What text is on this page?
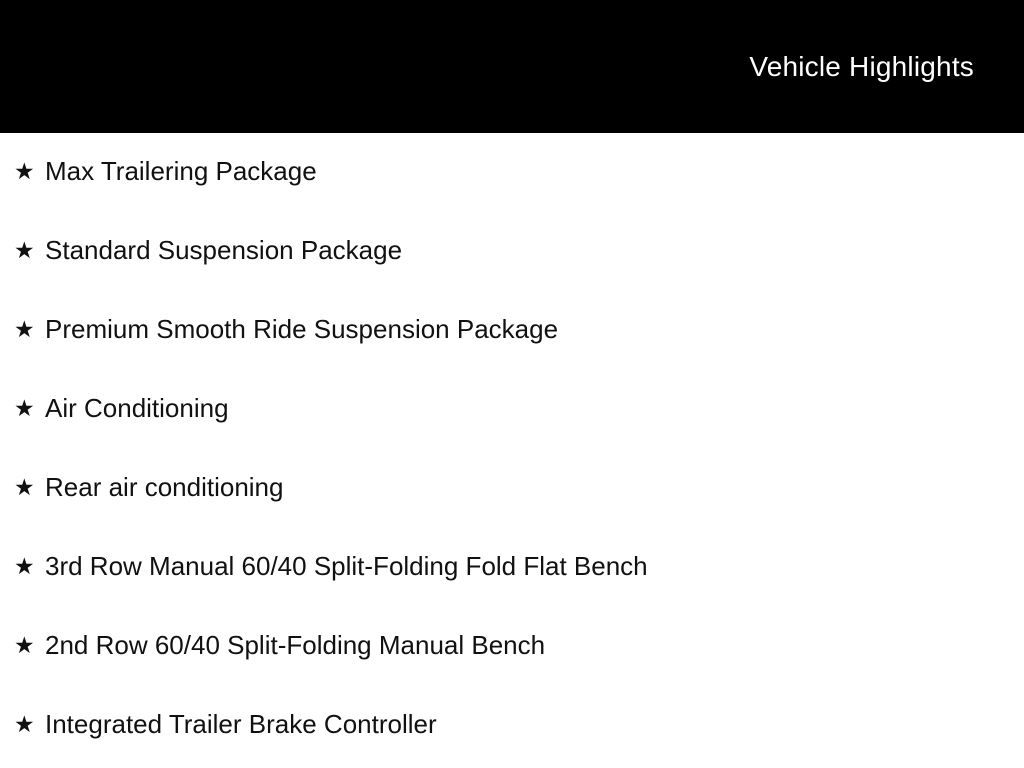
Vehicle Highlights
★ Max Trailering Package
★ Standard Suspension Package
★ Premium Smooth Ride Suspension Package
★ Air Conditioning
★ Rear air conditioning
★ 3rd Row Manual 60/40 Split-Folding Fold Flat Bench
★ 2nd Row 60/40 Split-Folding Manual Bench
★ Integrated Trailer Brake Controller
